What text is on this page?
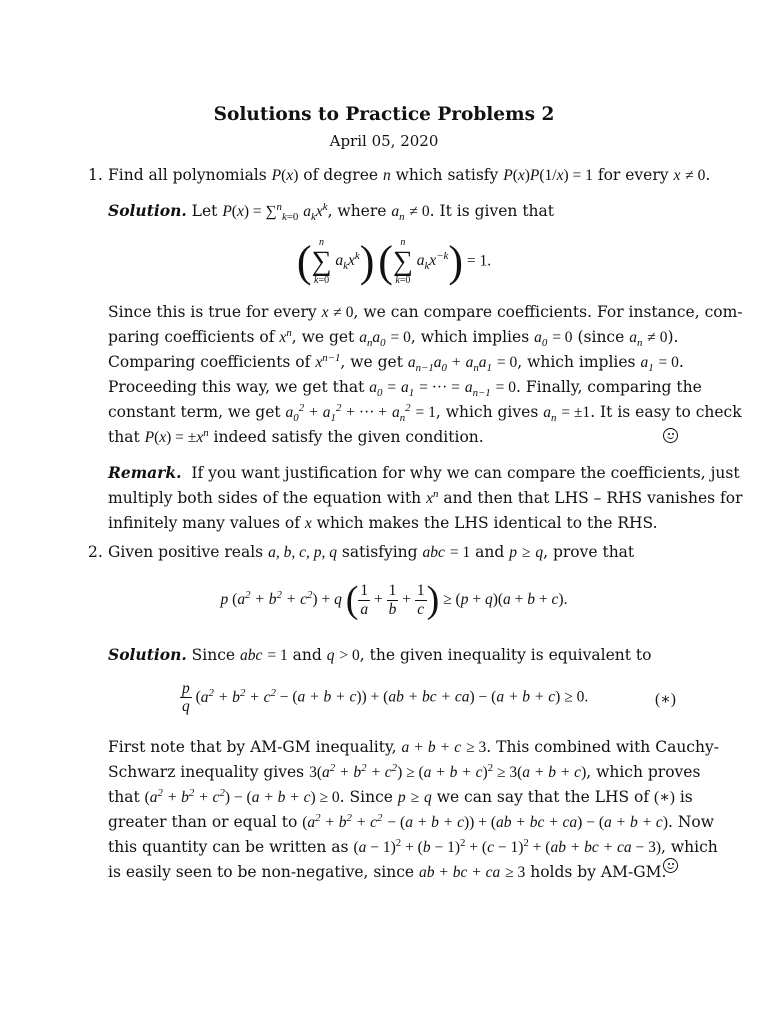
Solutions to Practice Problems 2
April 05, 2020
1. Find all polynomials P(x) of degree n which satisfy P(x)P(1/x) = 1 for every x ≠ 0.
Solution. Let P(x) = ∑$^n_{k=0}$ $a_kx^k$, where $a_n \ne 0$. It is given that
( n
∑
k=0
$a_kx^k$) ( n
∑
k=0
$a_kx^{-k}) = 1$.
Since this is true for every x ≠ 0, we can compare coefficients. For instance, com-
paring coefficients of $x^n$, we get $a_na_0 = 0$, which implies $a_0 = 0$ (since $a_n \ne 0$).
Comparing coefficients of $x^{n-1}$, we get $a_{n-1}a_0 + a_na_1 = 0$, which implies $a_1 = 0$.
Proceeding this way, we get that $a_0 = a_1$ = ··· = $a_{n-1} = 0$. Finally, comparing the
constant term, we get $a_0^2 + a_1^2$ + ··· + $a_n^2 = 1$, which gives $a_n = \pm 1$. It is easy to check
that $P(x) = \pm x^n$ indeed satisfy the given condition.
Remark.  If you want justification for why we can compare the coefficients, just
multiply both sides of the equation with $x^n$ and then that LHS – RHS vanishes for
infinitely many values of x which makes the LHS identical to the RHS.
2. Given positive reals a, b, c, p, q satisfying abc = 1 and p ≥ q, prove that
p $(a^2 + b^2 + c^2) + q$ ( $\frac{1}{a} + \frac{1}{b} + \frac{1}{c}$ ) ≥ (p + q)(a + b + c).
Solution. Since abc = 1 and q > 0, the given inequality is equivalent to
$\frac{p}{q} (a^2 + b^2 + c^2 - (a + b + c)) + (ab$ + bc + ca) − (a + b + c) ≥ 0.	(∗)
First note that by AM-GM inequality, a + b + c ≥ 3. This combined with Cauchy-
Schwarz inequality gives $3(a^2 + b^2 + c^2) \ge (a + b + c)^2 \ge 3(a + b + c)$, which proves
that $(a^2 + b^2 + c^2) - (a + b + c) \ge 0$. Since p ≥ q we can say that the LHS of (∗) is
greater than or equal to $(a^2 + b^2 + c^2 - (a + b + c)) + (ab$ + bc + ca) − (a + b + c). Now
this quantity can be written as $(a - 1)^2 + (b - 1)^2 + (c - 1)^2 + (ab$ + bc + ca − 3), which
is easily seen to be non-negative, since ab + bc + ca ≥ 3 holds by AM-GM.
